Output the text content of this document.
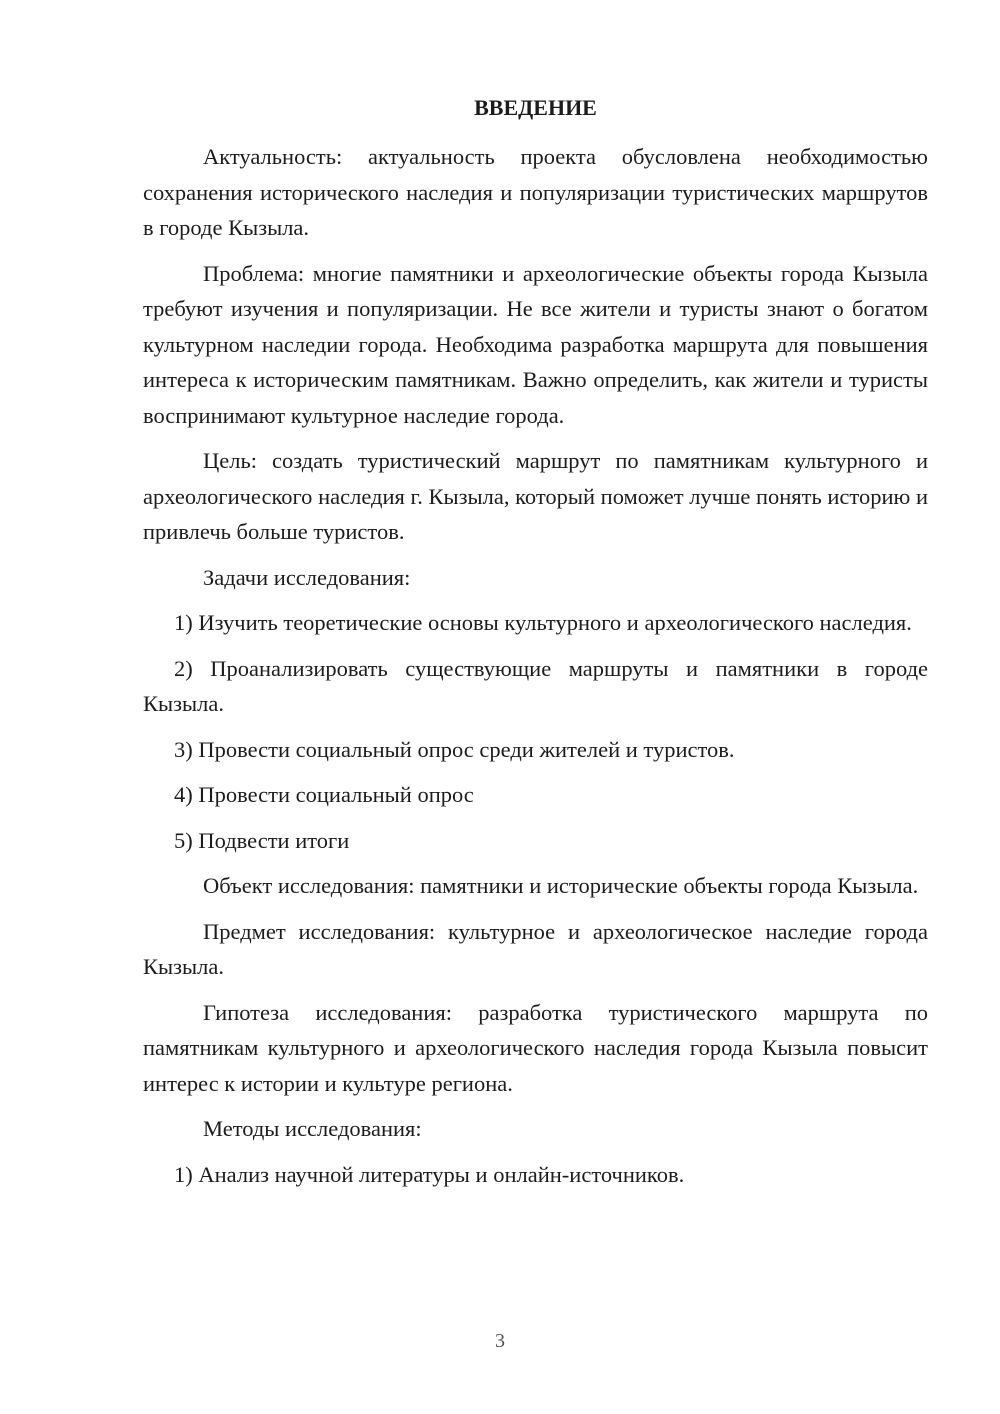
ВВЕДЕНИЕ

Актуальность: актуальность проекта обусловлена необходимостью сохранения исторического наследия и популяризации туристических маршрутов в городе Кызыла.

Проблема: многие памятники и археологические объекты города Кызыла требуют изучения и популяризации. Не все жители и туристы знают о богатом культурном наследии города. Необходима разработка маршрута для повышения интереса к историческим памятникам. Важно определить, как жители и туристы воспринимают культурное наследие города.

Цель: создать туристический маршрут по памятникам культурного и археологического наследия г. Кызыла, который поможет лучше понять историю и привлечь больше туристов.

Задачи исследования:

1) Изучить теоретические основы культурного и археологического наследия.

2) Проанализировать существующие маршруты и памятники в городе Кызыла.

3) Провести социальный опрос среди жителей и туристов.

4) Провести социальный опрос

5) Подвести итоги

Объект исследования: памятники и исторические объекты города Кызыла.

Предмет исследования: культурное и археологическое наследие города Кызыла.

Гипотеза исследования: разработка туристического маршрута по памятникам культурного и археологического наследия города Кызыла повысит интерес к истории и культуре региона.

Методы исследования:

1) Анализ научной литературы и онлайн-источников.

3
